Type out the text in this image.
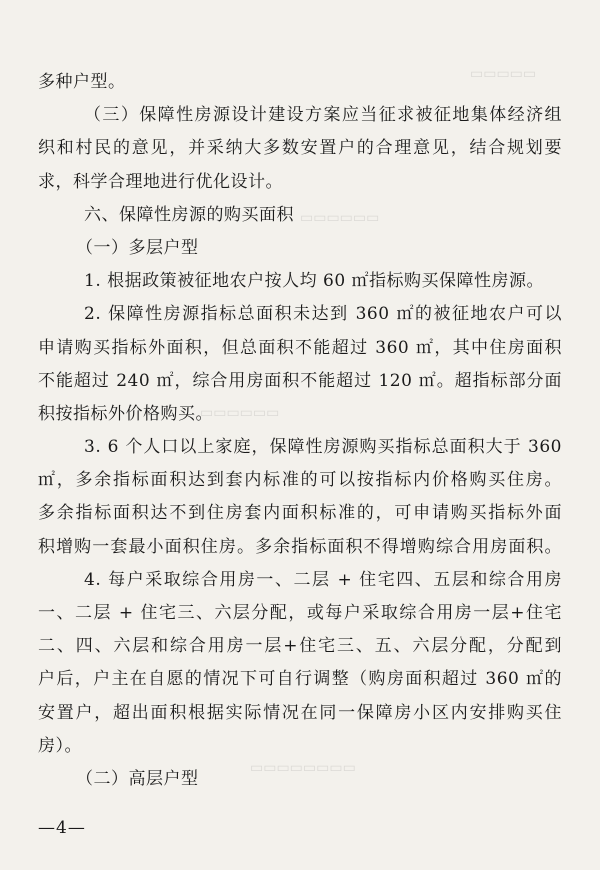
▭▭▭▭▭
▭▭▭▭▭▭
▭▭▭▭▭▭
▭▭▭▭▭▭▭▭
多种户型。
（三）保障性房源设计建设方案应当征求被征地集体经济组
织和村民的意见，并采纳大多数安置户的合理意见，结合规划要
求，科学合理地进行优化设计。
六、保障性房源的购买面积
（一）多层户型
1. 根据政策被征地农户按人均 60 ㎡指标购买保障性房源。
2. 保障性房源指标总面积未达到 360 ㎡的被征地农户可以
申请购买指标外面积，但总面积不能超过 360 ㎡，其中住房面积
不能超过 240 ㎡，综合用房面积不能超过 120 ㎡。超指标部分面
积按指标外价格购买。
3. 6 个人口以上家庭，保障性房源购买指标总面积大于 360
㎡，多余指标面积达到套内标准的可以按指标内价格购买住房。
多余指标面积达不到住房套内面积标准的，可申请购买指标外面
积增购一套最小面积住房。多余指标面积不得增购综合用房面积。
4. 每户采取综合用房一、二层 + 住宅四、五层和综合用房
一、二层 + 住宅三、六层分配，或每户采取综合用房一层+住宅
二、四、六层和综合用房一层+住宅三、五、六层分配，分配到
户后，户主在自愿的情况下可自行调整（购房面积超过 360 ㎡的
安置户，超出面积根据实际情况在同一保障房小区内安排购买住
房）。
（二）高层户型
—4—
